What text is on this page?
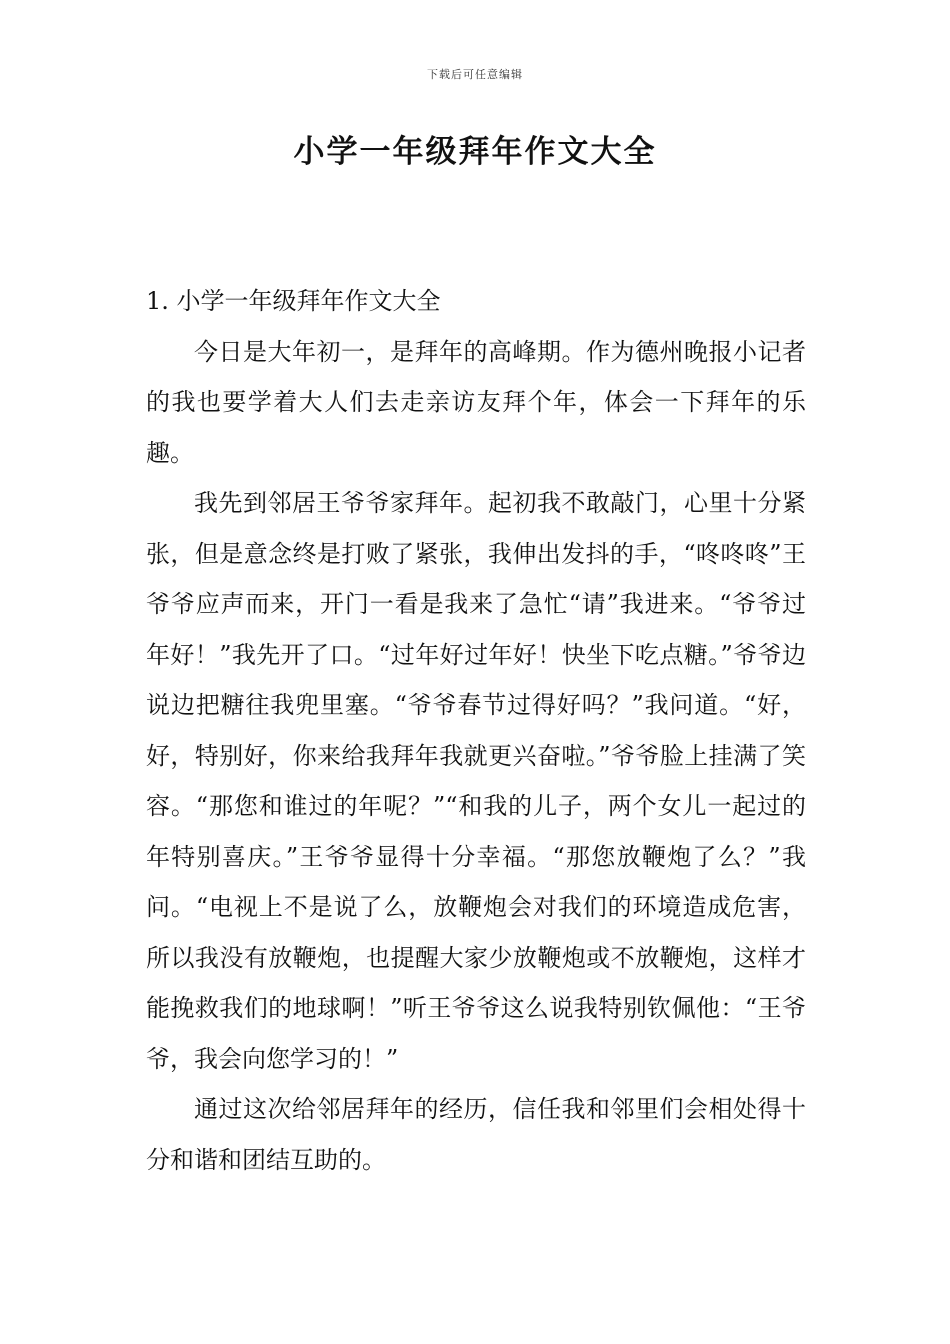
下载后可任意编辑
小学一年级拜年作文大全

1. 小学一年级拜年作文大全

今日是大年初一，是拜年的高峰期。作为德州晚报小记者的我也要学着大人们去走亲访友拜个年，体会一下拜年的乐趣。

我先到邻居王爷爷家拜年。起初我不敢敲门，心里十分紧张，但是意念终是打败了紧张，我伸出发抖的手，“咚咚咚”王爷爷应声而来，开门一看是我来了急忙“请”我进来。“爷爷过年好！”我先开了口。“过年好过年好！快坐下吃点糖。”爷爷边说边把糖往我兜里塞。“爷爷春节过得好吗？”我问道。“好，好，特别好，你来给我拜年我就更兴奋啦。”爷爷脸上挂满了笑容。“那您和谁过的年呢？”“和我的儿子，两个女儿一起过的年特别喜庆。”王爷爷显得十分幸福。“那您放鞭炮了么？”我问。“电视上不是说了么，放鞭炮会对我们的环境造成危害，所以我没有放鞭炮，也提醒大家少放鞭炮或不放鞭炮，这样才能挽救我们的地球啊！”听王爷爷这么说我特别钦佩他：“王爷爷，我会向您学习的！”

通过这次给邻居拜年的经历，信任我和邻里们会相处得十分和谐和团结互助的。
